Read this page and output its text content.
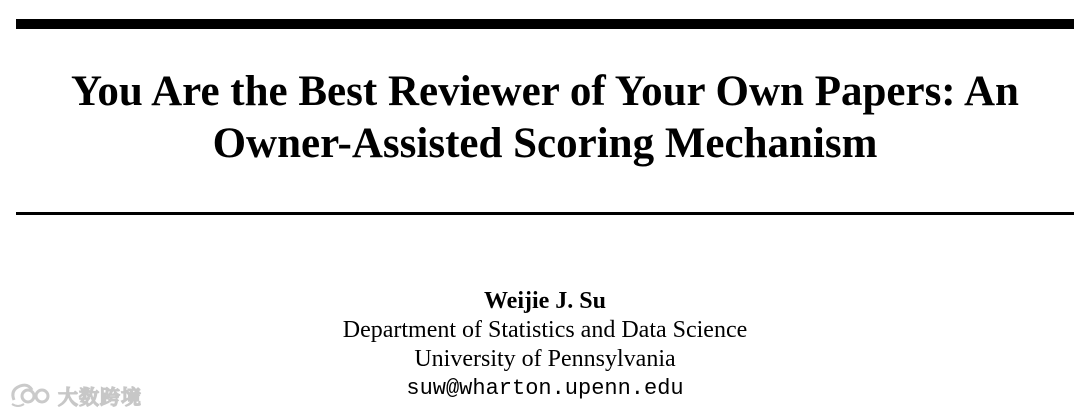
You Are the Best Reviewer of Your Own Papers: An
Owner-Assisted Scoring Mechanism
Weijie J. Su
Department of Statistics and Data Science
University of Pennsylvania
suw@wharton.upenn.edu
大数跨境
